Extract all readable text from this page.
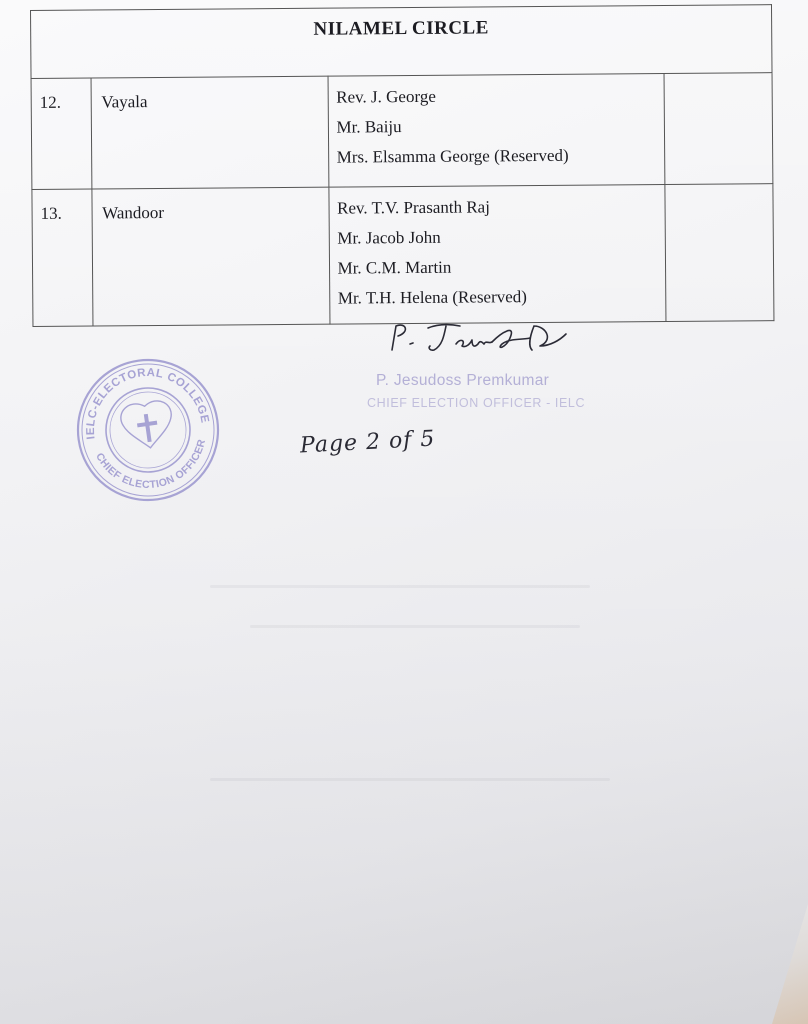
NILAMEL CIRCLE			
12.	Vayala	Rev. J. George
Mr. Baiju
Mrs. Elsamma George (Reserved)	

13.	Wandoor	Rev. T.V. Prasanth Raj
Mr. Jacob John
Mr. C.M. Martin
Mr. T.H. Helena (Reserved)	

P. Jesudoss Premkumar
CHIEF ELECTION OFFICER - IELC
IELC-ELECTORAL COLLEGE
CHIEF ELECTION OFFICER	Page 2 of 5
